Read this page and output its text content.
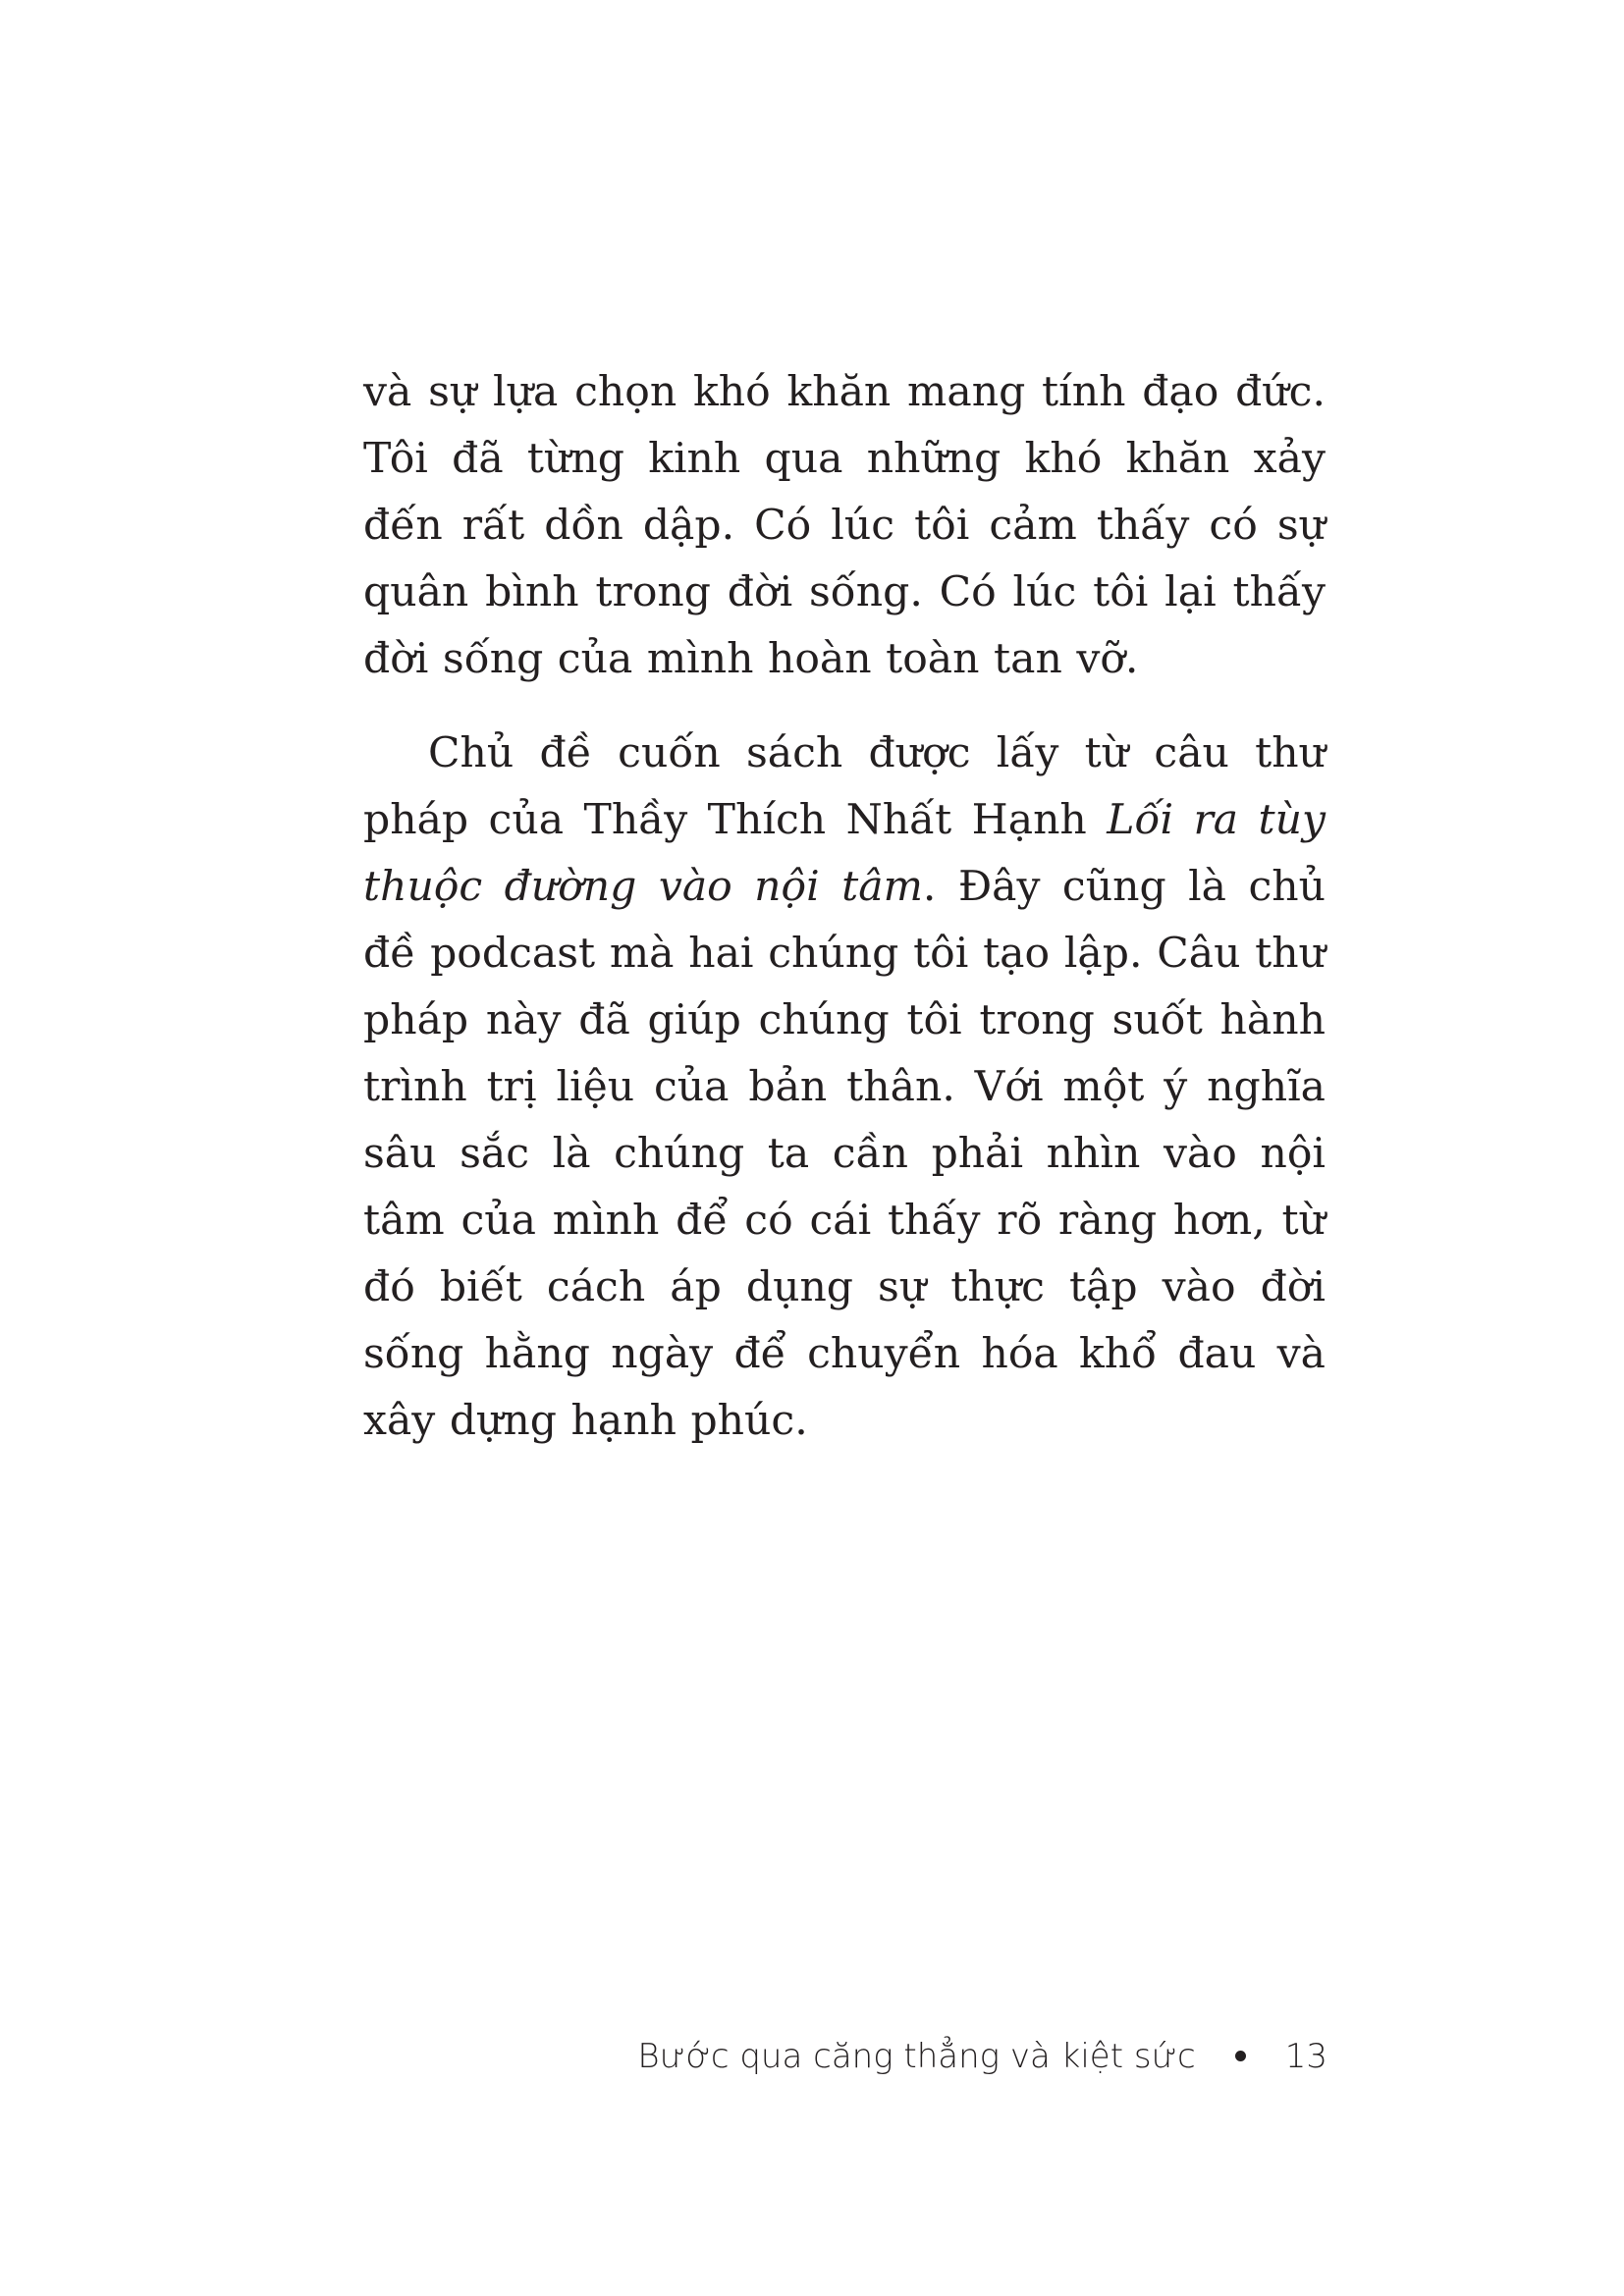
và sự lựa chọn khó khăn mang tính đạo đức. Tôi đã từng kinh qua những khó khăn xảy đến rất dồn dập. Có lúc tôi cảm thấy có sự quân bình trong đời sống. Có lúc tôi lại thấy đời sống của mình hoàn toàn tan vỡ.

Chủ đề cuốn sách được lấy từ câu thư pháp của Thầy Thích Nhất Hạnh Lối ra tùy thuộc đường vào nội tâm. Đây cũng là chủ đề podcast mà hai chúng tôi tạo lập. Câu thư pháp này đã giúp chúng tôi trong suốt hành trình trị liệu của bản thân. Với một ý nghĩa sâu sắc là chúng ta cần phải nhìn vào nội tâm của mình để có cái thấy rõ ràng hơn, từ đó biết cách áp dụng sự thực tập vào đời sống hằng ngày để chuyển hóa khổ đau và xây dựng hạnh phúc.

Bước qua căng thẳng và kiệt sức	13
